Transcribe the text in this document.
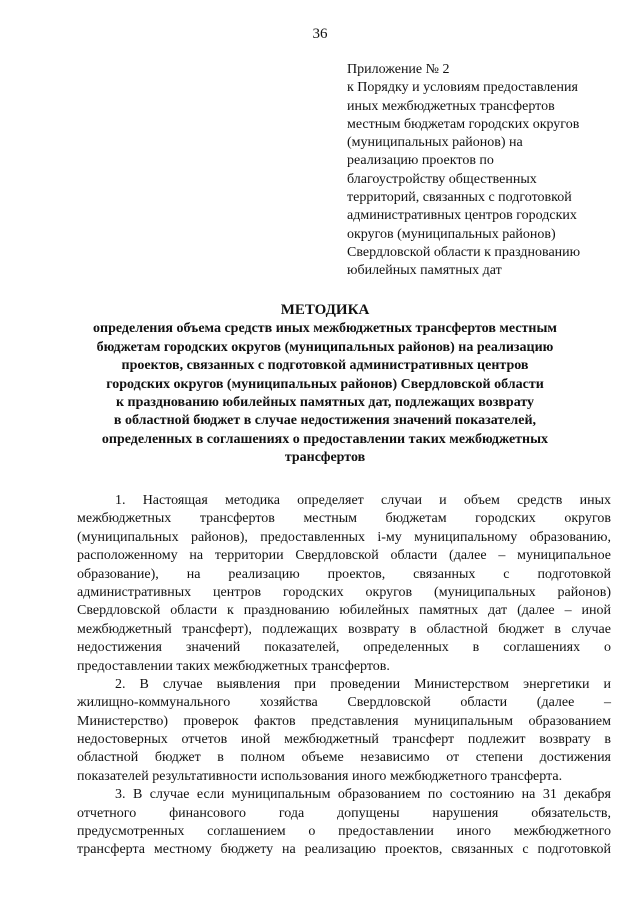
36
Приложение № 2
к Порядку и условиям предоставления
иных межбюджетных трансфертов
местным бюджетам городских округов
(муниципальных районов) на
реализацию проектов по
благоустройству общественных
территорий, связанных с подготовкой
административных центров городских
округов (муниципальных районов)
Свердловской области к празднованию
юбилейных памятных дат
МЕТОДИКА
определения объема средств иных межбюджетных трансфертов местным
бюджетам городских округов (муниципальных районов) на реализацию
проектов, связанных с подготовкой административных центров
городских округов (муниципальных районов) Свердловской области
к празднованию юбилейных памятных дат, подлежащих возврату
в областной бюджет в случае недостижения значений показателей,
определенных в соглашениях о предоставлении таких межбюджетных
трансфертов
1. Настоящая методика определяет случаи и объем средств иных
межбюджетных трансфертов местным бюджетам городских округов
(муниципальных районов), предоставленных i-му муниципальному образованию,
расположенному на территории Свердловской области (далее – муниципальное
образование), на реализацию проектов, связанных с подготовкой
административных центров городских округов (муниципальных районов)
Свердловской области к празднованию юбилейных памятных дат (далее – иной
межбюджетный трансферт), подлежащих возврату в областной бюджет в случае
недостижения значений показателей, определенных в соглашениях о
предоставлении таких межбюджетных трансфертов.
2. В случае выявления при проведении Министерством энергетики и
жилищно-коммунального хозяйства Свердловской области (далее –
Министерство) проверок фактов представления муниципальным образованием
недостоверных отчетов иной межбюджетный трансферт подлежит возврату в
областной бюджет в полном объеме независимо от степени достижения
показателей результативности использования иного межбюджетного трансферта.
3. В случае если муниципальным образованием по состоянию на 31 декабря
отчетного финансового года допущены нарушения обязательств,
предусмотренных соглашением о предоставлении иного межбюджетного
трансферта местному бюджету на реализацию проектов, связанных с подготовкой
